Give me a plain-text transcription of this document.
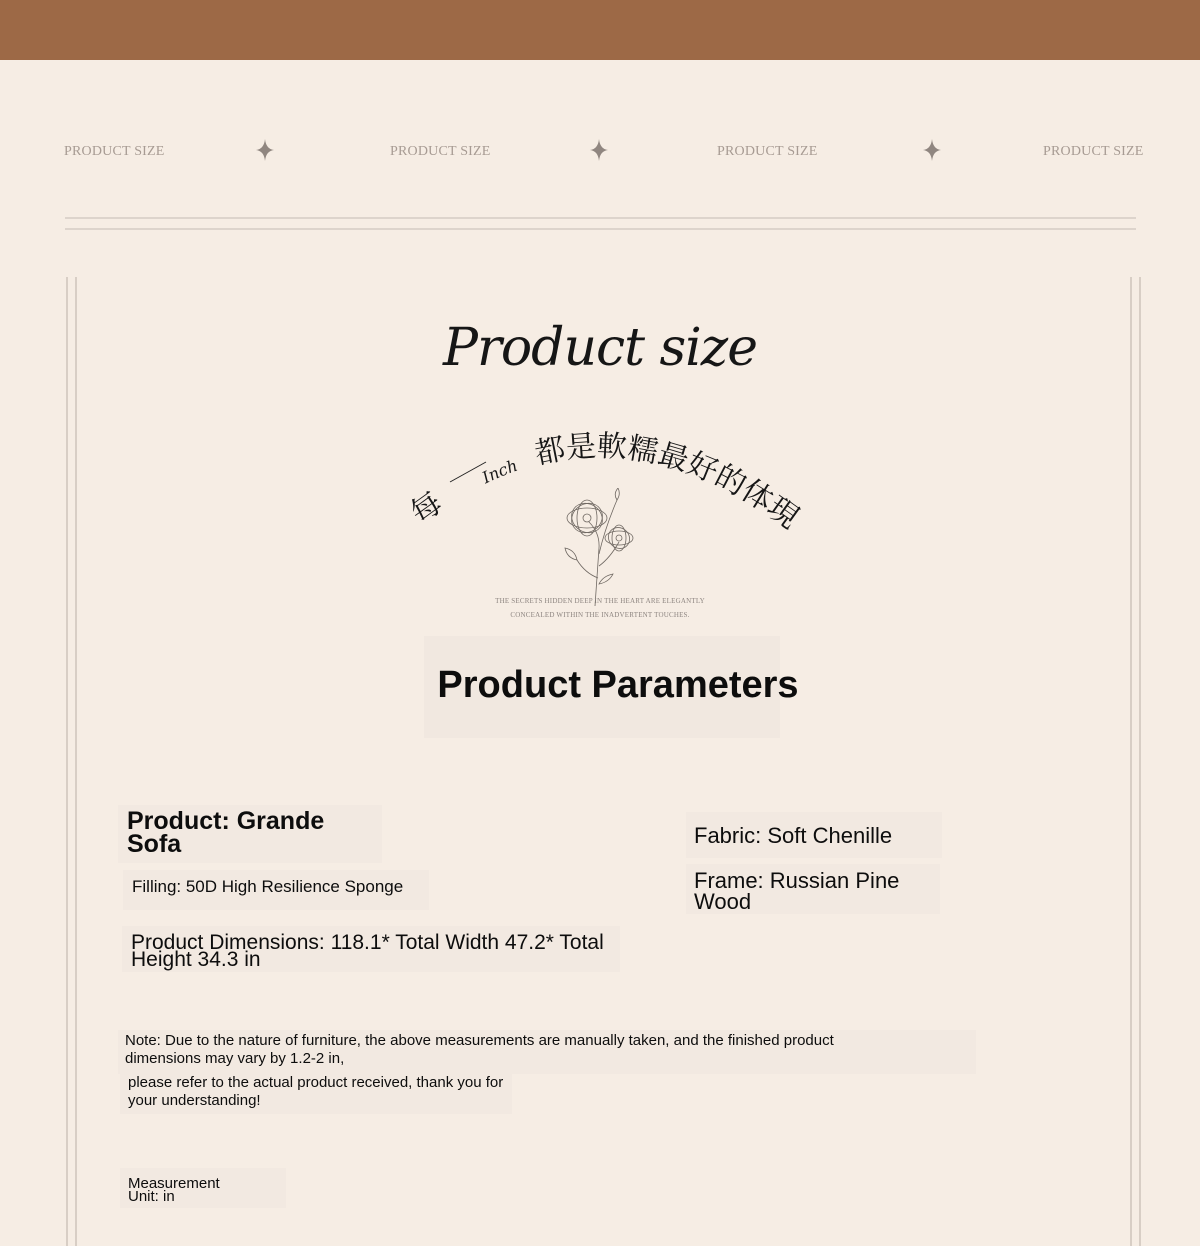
PRODUCT SIZE	PRODUCT SIZE	PRODUCT SIZE	PRODUCT SIZE
Product size
每 Inch 都是軟糯最好的体現
THE SECRETS HIDDEN DEEP IN THE HEART ARE ELEGANTLY
CONCEALED WITHIN THE INADVERTENT TOUCHES.
Product Parameters
Product: Grande
Sofa
Filling: 50D High Resilience Sponge
Product Dimensions: 118.1* Total Width 47.2* Total
Height 34.3 in
Fabric: Soft Chenille
Frame: Russian Pine
Wood
Note: Due to the nature of furniture, the above measurements are manually taken, and the finished product
dimensions may vary by 1.2-2 in,
please refer to the actual product received, thank you for
your understanding!
Measurement
Unit: in
